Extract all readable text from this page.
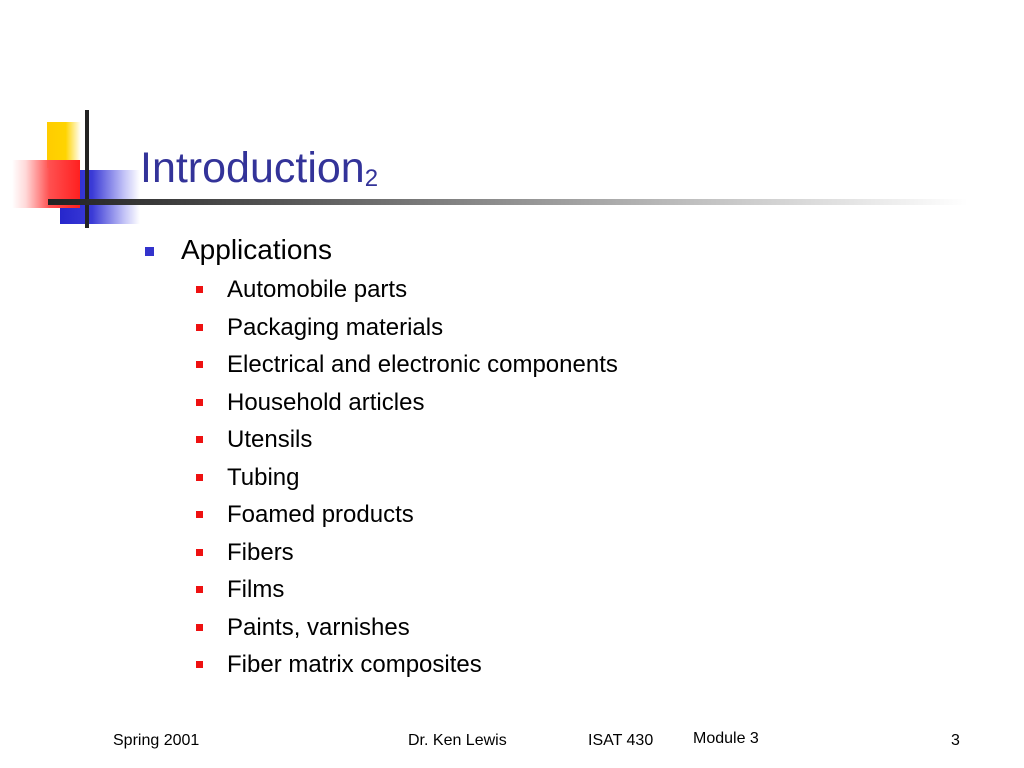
Introduction$_2$
Applications
Automobile parts
Packaging materials
Electrical and electronic components
Household articles
Utensils
Tubing
Foamed products
Fibers
Films
Paints, varnishes
Fiber matrix composites
Spring 2001	Dr. Ken Lewis	ISAT 430 Module 3	3
